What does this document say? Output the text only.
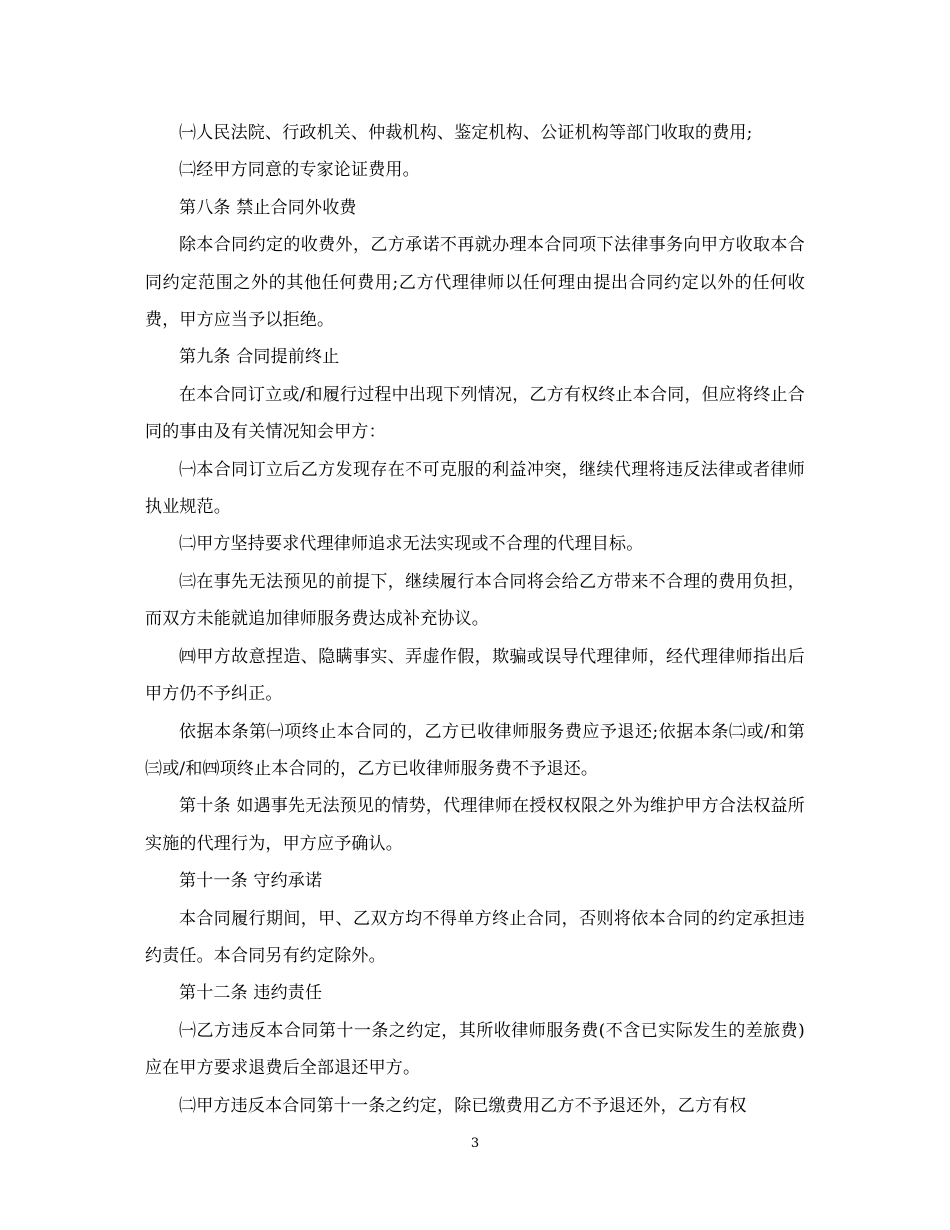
㈠人民法院、行政机关、仲裁机构、鉴定机构、公证机构等部门收取的费用;

㈡经甲方同意的专家论证费用。

第八条 禁止合同外收费

除本合同约定的收费外，乙方承诺不再就办理本合同项下法律事务向甲方收取本合同约定范围之外的其他任何费用;乙方代理律师以任何理由提出合同约定以外的任何收费，甲方应当予以拒绝。

第九条 合同提前终止

在本合同订立或/和履行过程中出现下列情况，乙方有权终止本合同，但应将终止合同的事由及有关情况知会甲方：

㈠本合同订立后乙方发现存在不可克服的利益冲突，继续代理将违反法律或者律师执业规范。

㈡甲方坚持要求代理律师追求无法实现或不合理的代理目标。

㈢在事先无法预见的前提下，继续履行本合同将会给乙方带来不合理的费用负担，而双方未能就追加律师服务费达成补充协议。

㈣甲方故意捏造、隐瞒事实、弄虚作假，欺骗或误导代理律师，经代理律师指出后甲方仍不予纠正。

依据本条第㈠项终止本合同的，乙方已收律师服务费应予退还;依据本条㈡或/和第㈢或/和㈣项终止本合同的，乙方已收律师服务费不予退还。

第十条 如遇事先无法预见的情势，代理律师在授权权限之外为维护甲方合法权益所实施的代理行为，甲方应予确认。

第十一条 守约承诺

本合同履行期间，甲、乙双方均不得单方终止合同，否则将依本合同的约定承担违约责任。本合同另有约定除外。

第十二条 违约责任

㈠乙方违反本合同第十一条之约定，其所收律师服务费(不含已实际发生的差旅费)应在甲方要求退费后全部退还甲方。

㈡甲方违反本合同第十一条之约定，除已缴费用乙方不予退还外，乙方有权

3
